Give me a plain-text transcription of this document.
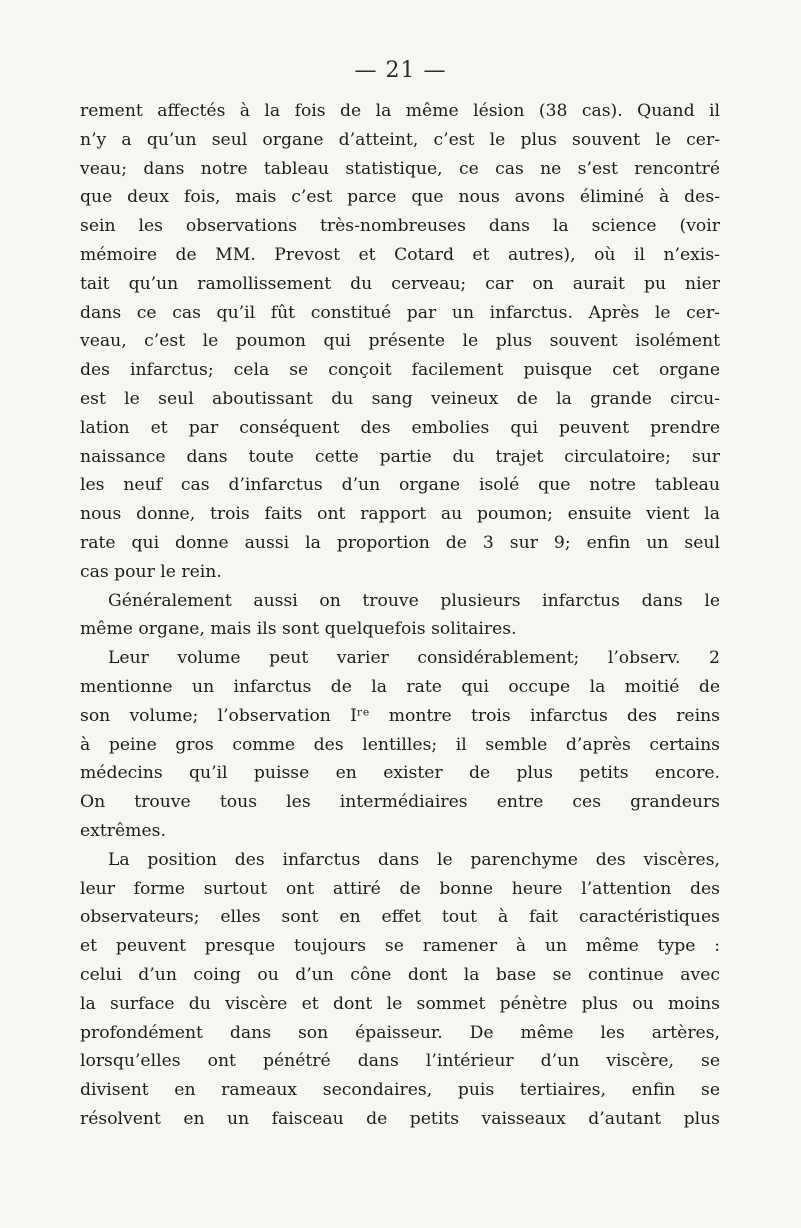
— 21 —
rement affectés à la fois de la même lésion (38 cas). Quand il
n’y a qu’un seul organe d’atteint, c’est le plus souvent le cer-
veau; dans notre tableau statistique, ce cas ne s’est rencontré
que deux fois, mais c’est parce que nous avons éliminé à des-
sein les observations très-nombreuses dans la science (voir
mémoire de MM. Prevost et Cotard et autres), où il n’exis-
tait qu’un ramollissement du cerveau; car on aurait pu nier
dans ce cas qu’il fût constitué par un infarctus. Après le cer-
veau, c’est le poumon qui présente le plus souvent isolément
des infarctus; cela se conçoit facilement puisque cet organe
est le seul aboutissant du sang veineux de la grande circu-
lation et par conséquent des embolies qui peuvent prendre
naissance dans toute cette partie du trajet circulatoire; sur
les neuf cas d’infarctus d’un organe isolé que notre tableau
nous donne, trois faits ont rapport au poumon; ensuite vient la
rate qui donne aussi la proportion de 3 sur 9; enfin un seul
cas pour le rein.
Généralement aussi on trouve plusieurs infarctus dans le
même organe, mais ils sont quelquefois solitaires.
Leur volume peut varier considérablement; l’observ. 2
mentionne un infarctus de la rate qui occupe la moitié de
son volume; l’observation Iʳᵉ montre trois infarctus des reins
à peine gros comme des lentilles; il semble d’après certains
médecins qu’il puisse en exister de plus petits encore.
On trouve tous les intermédiaires entre ces grandeurs
extrêmes.
La position des infarctus dans le parenchyme des viscères,
leur forme surtout ont attiré de bonne heure l’attention des
observateurs; elles sont en effet tout à fait caractéristiques
et peuvent presque toujours se ramener à un même type :
celui d’un coing ou d’un cône dont la base se continue avec
la surface du viscère et dont le sommet pénètre plus ou moins
profondément dans son épaisseur. De même les artères,
lorsqu’elles ont pénétré dans l’intérieur d’un viscère, se
divisent en rameaux secondaires, puis tertiaires, enfin se
résolvent en un faisceau de petits vaisseaux d’autant plus
